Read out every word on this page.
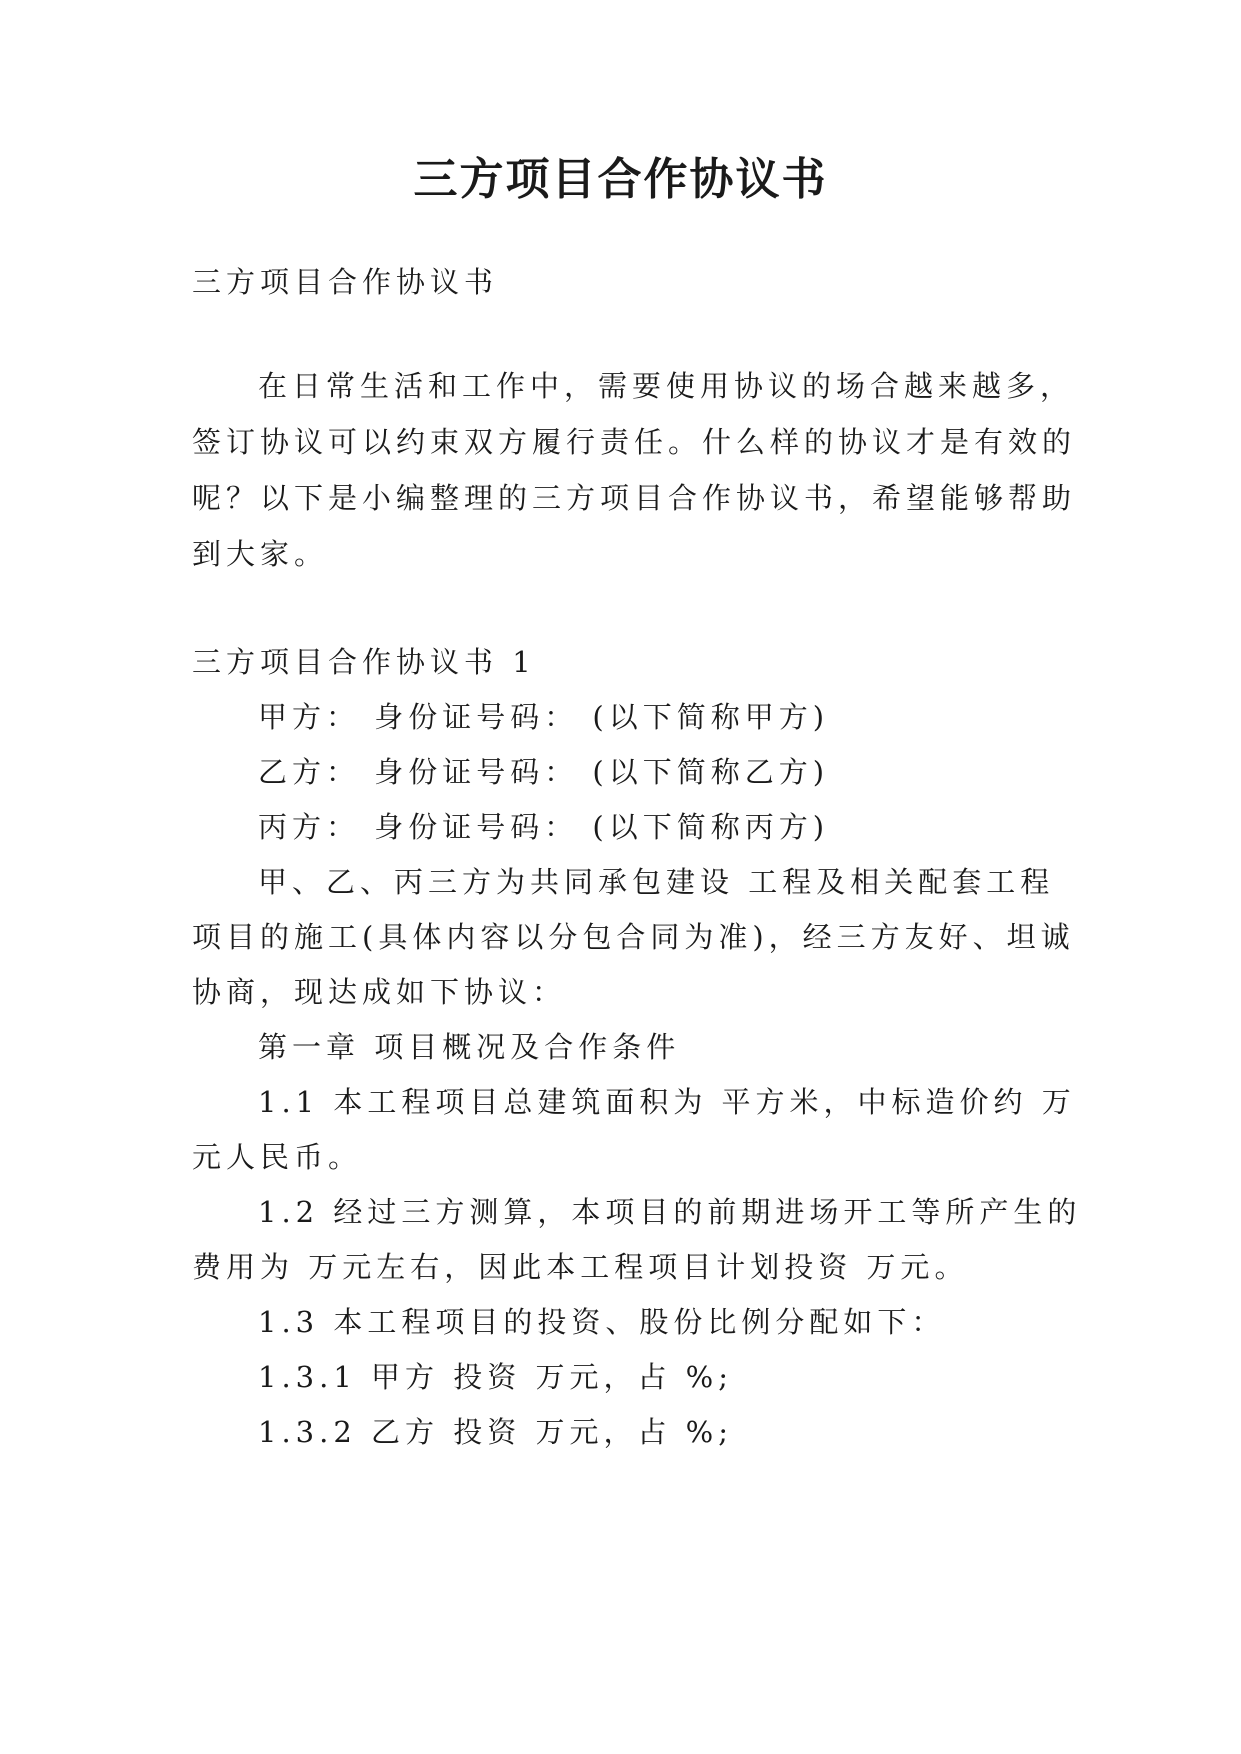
三方项目合作协议书

三方项目合作协议书

在日常生活和工作中，需要使用协议的场合越来越多，

签订协议可以约束双方履行责任。什么样的协议才是有效的

呢？以下是小编整理的三方项目合作协议书，希望能够帮助

到大家。

三方项目合作协议书 1

甲方： 身份证号码： (以下简称甲方)

乙方： 身份证号码： (以下简称乙方)

丙方： 身份证号码： (以下简称丙方)

甲、乙、丙三方为共同承包建设 工程及相关配套工程

项目的施工(具体内容以分包合同为准)，经三方友好、坦诚

协商，现达成如下协议：

第一章 项目概况及合作条件

1.1 本工程项目总建筑面积为 平方米，中标造价约 万

元人民币。

1.2 经过三方测算，本项目的前期进场开工等所产生的

费用为 万元左右，因此本工程项目计划投资 万元。

1.3 本工程项目的投资、股份比例分配如下：

1.3.1 甲方 投资 万元，占 %;

1.3.2 乙方 投资 万元，占 %;
